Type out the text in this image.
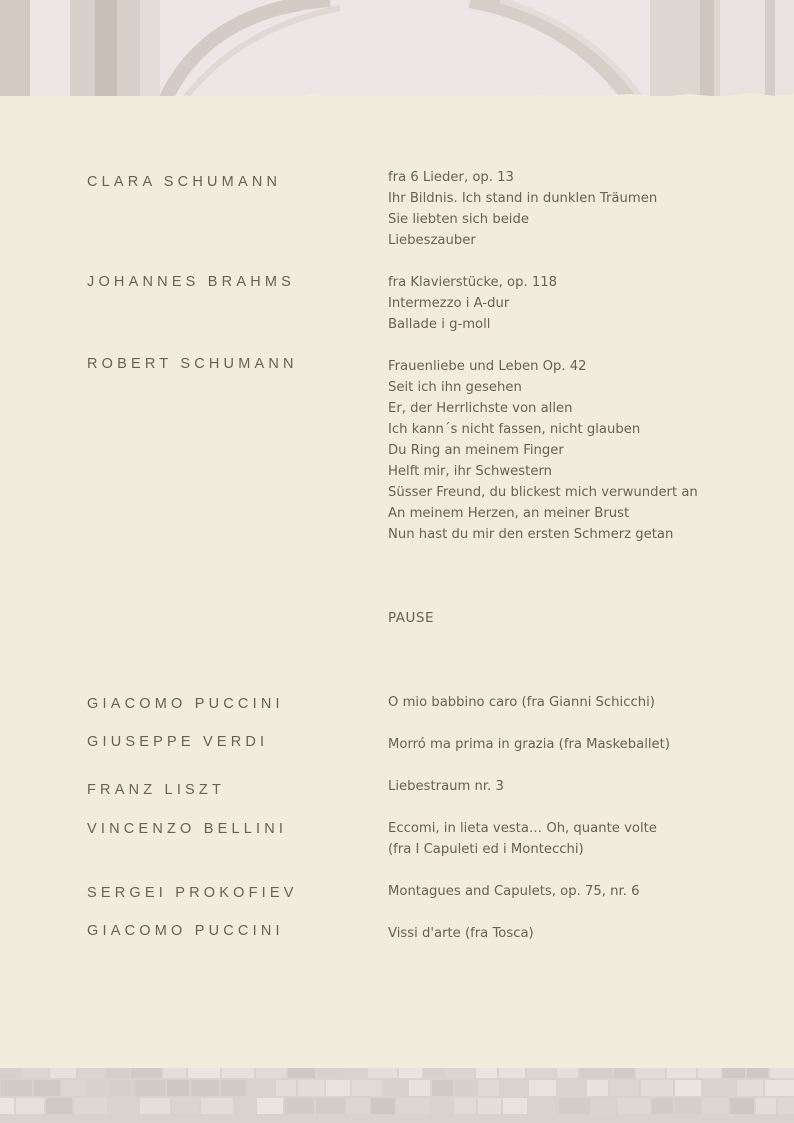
CLARA SCHUMANN	fra 6 Lieder, op. 13
Ihr Bildnis. Ich stand in dunklen Träumen
Sie liebten sich beide
Liebeszauber
JOHANNES BRAHMS	fra Klavierstücke, op. 118
Intermezzo i A-dur
Ballade i g-moll
ROBERT SCHUMANN	Frauenliebe und Leben Op. 42
Seit ich ihn gesehen
Er, der Herrlichste von allen
Ich kann´s nicht fassen, nicht glauben
Du Ring an meinem Finger
Helft mir, ihr Schwestern
Süsser Freund, du blickest mich verwundert an
An meinem Herzen, an meiner Brust
Nun hast du mir den ersten Schmerz getan
PAUSE
GIACOMO PUCCINI	O mio babbino caro (fra Gianni Schicchi)
GIUSEPPE VERDI	Morró ma prima in grazia (fra Maskeballet)
FRANZ LISZT	Liebestraum nr. 3
VINCENZO BELLINI	Eccomi, in lieta vesta… Oh, quante volte
(fra I Capuleti ed i Montecchi)
SERGEI PROKOFIEV	Montagues and Capulets, op. 75, nr. 6
GIACOMO PUCCINI	Vissi d'arte (fra Tosca)
